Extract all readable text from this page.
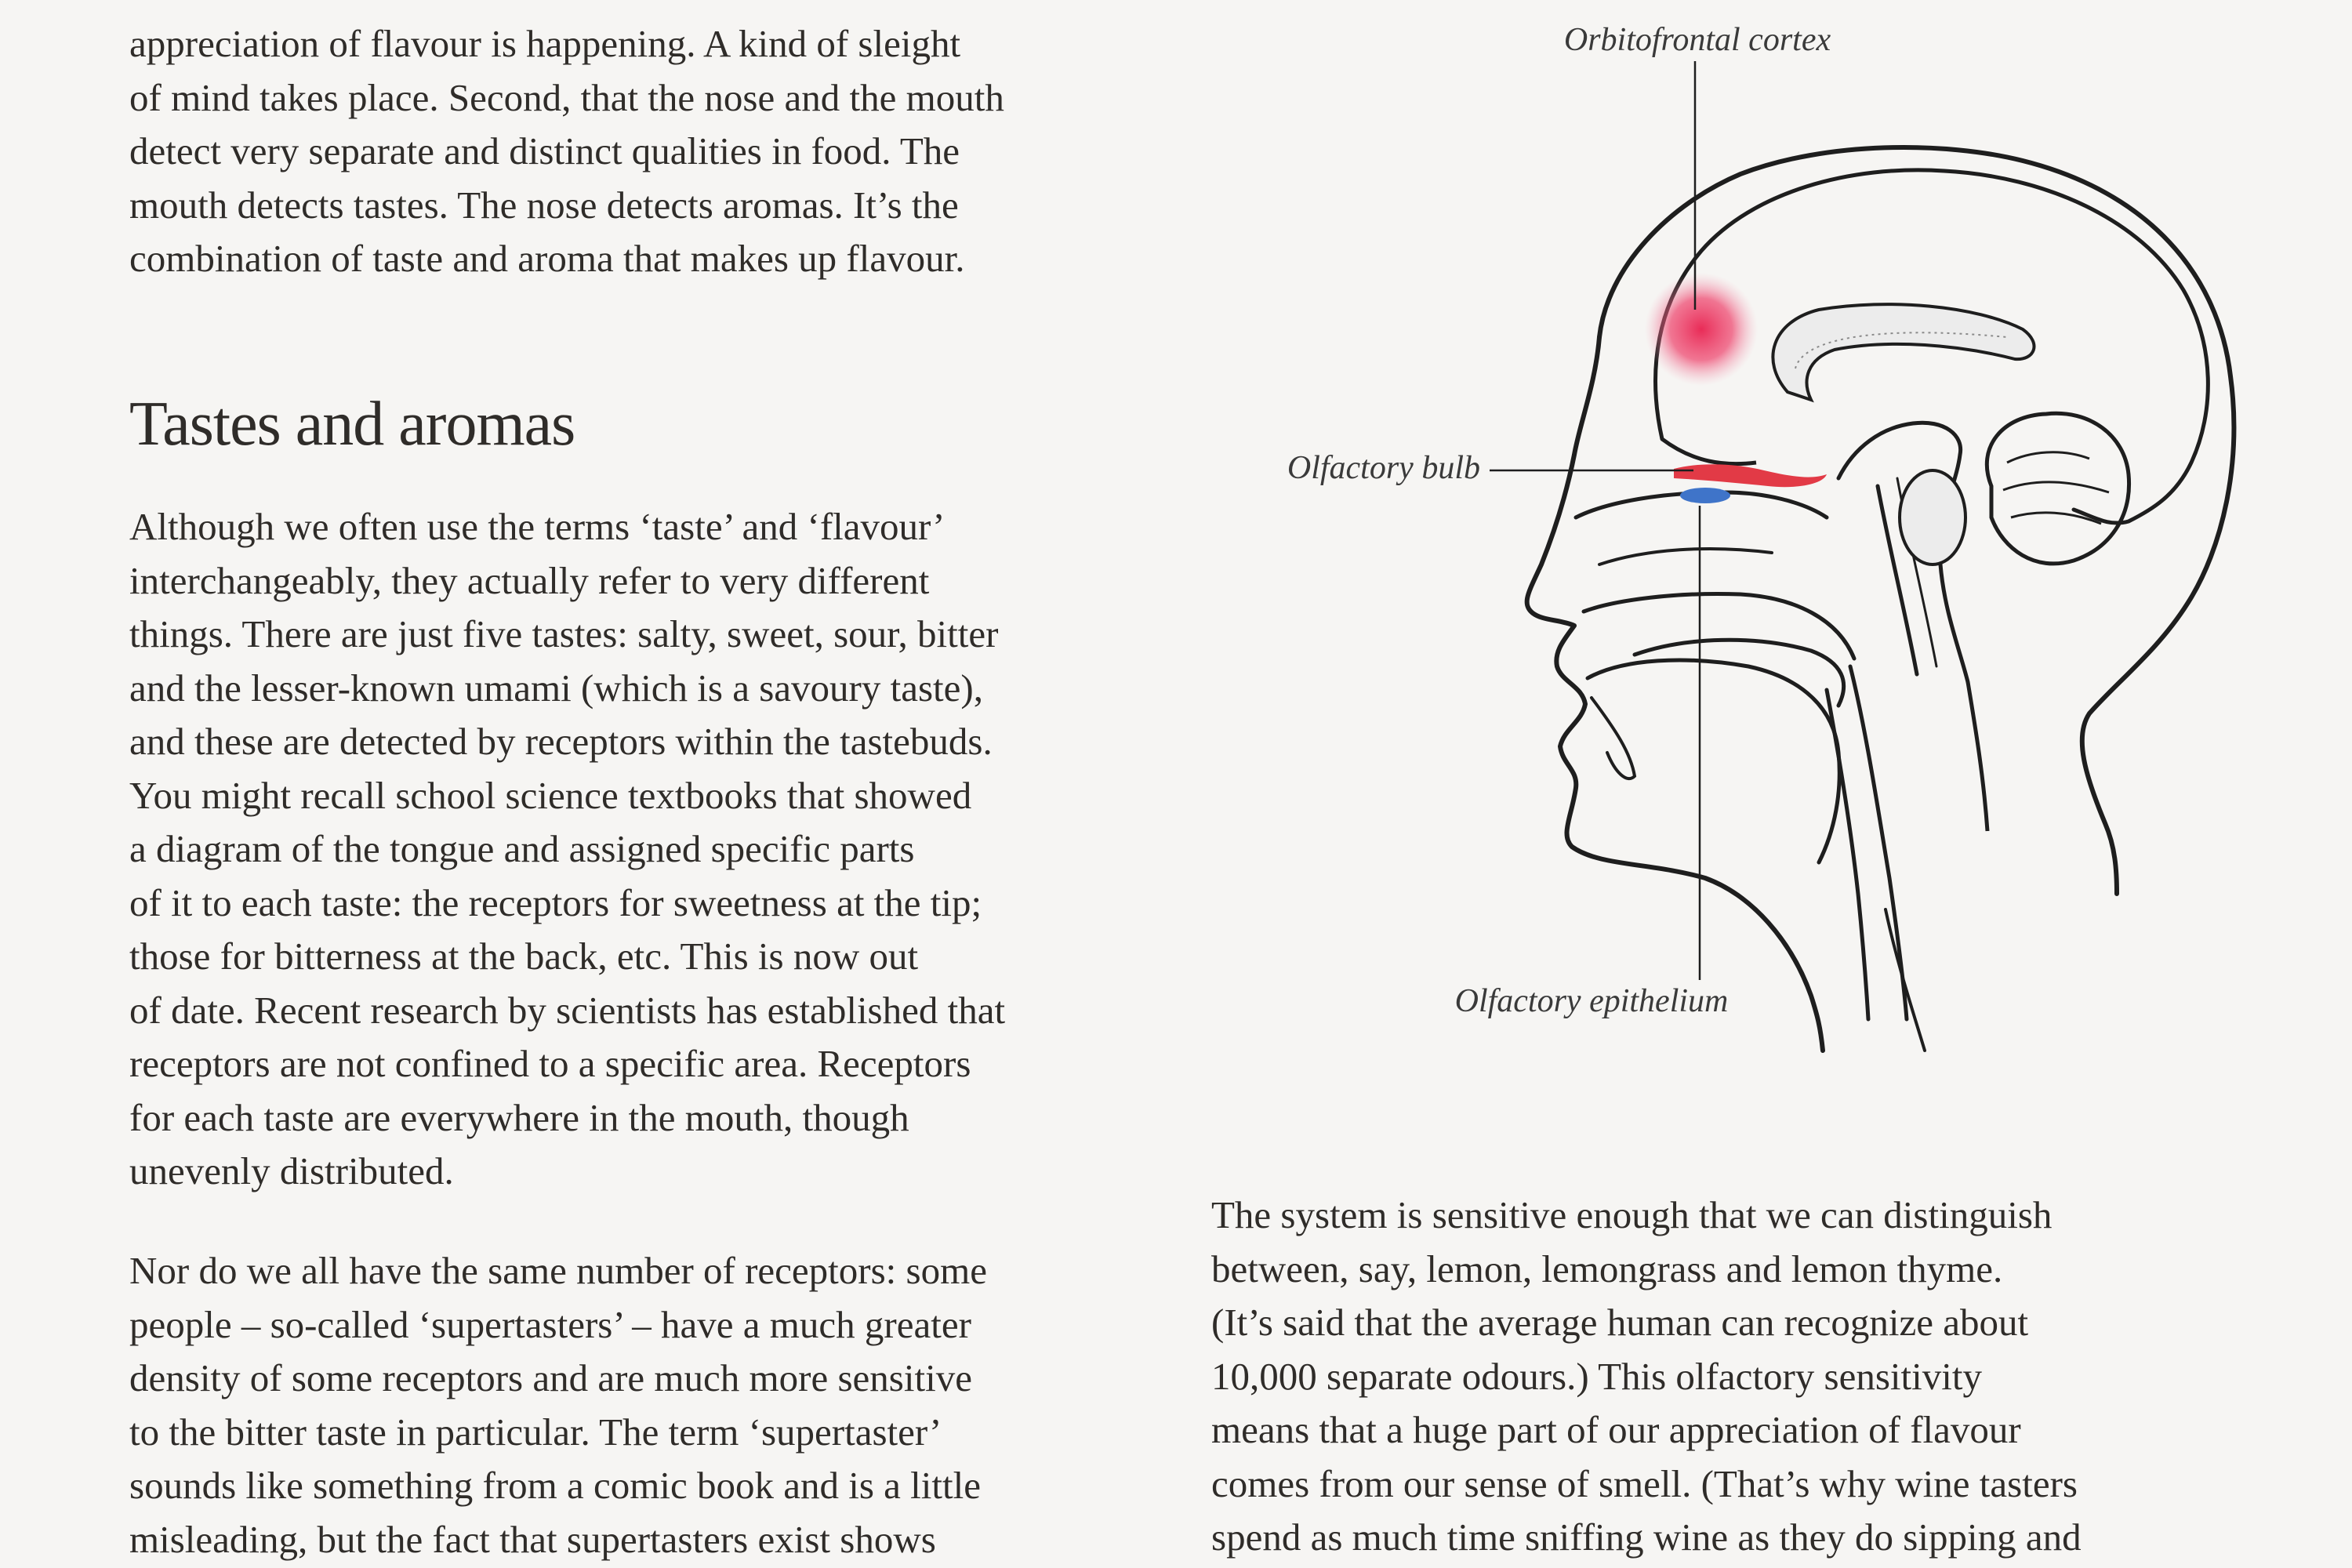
appreciation of flavour is happening. A kind of sleight
of mind takes place. Second, that the nose and the mouth
detect very separate and distinct qualities in food. The
mouth detects tastes. The nose detects aromas. It’s the
combination of taste and aroma that makes up flavour.
Tastes and aromas
Although we often use the terms ‘taste’ and ‘flavour’
interchangeably, they actually refer to very different
things. There are just five tastes: salty, sweet, sour, bitter
and the lesser-known umami (which is a savoury taste),
and these are detected by receptors within the tastebuds.
You might recall school science textbooks that showed
a diagram of the tongue and assigned specific parts
of it to each taste: the receptors for sweetness at the tip;
those for bitterness at the back, etc. This is now out
of date. Recent research by scientists has established that
receptors are not confined to a specific area. Receptors
for each taste are everywhere in the mouth, though
unevenly distributed.
Nor do we all have the same number of receptors: some
people – so-called ‘supertasters’ – have a much greater
density of some receptors and are much more sensitive
to the bitter taste in particular. The term ‘supertaster’
sounds like something from a comic book and is a little
misleading, but the fact that supertasters exist shows
The system is sensitive enough that we can distinguish
between, say, lemon, lemongrass and lemon thyme.
(It’s said that the average human can recognize about
10,000 separate odours.) This olfactory sensitivity
means that a huge part of our appreciation of flavour
comes from our sense of smell. (That’s why wine tasters
spend as much time sniffing wine as they do sipping and
Orbitofrontal cortex
Olfactory bulb
Olfactory epithelium
